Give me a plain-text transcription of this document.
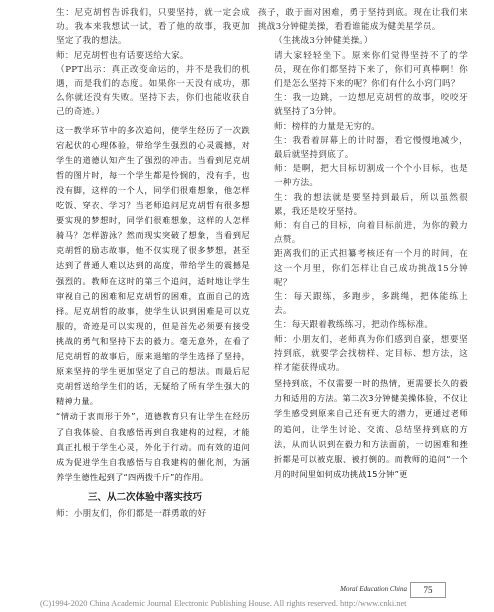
生：尼克胡哲告诉我们，只要坚持，就一定会成功。我本来我想试一试，看了他的故事，我更加坚定了我的想法。

师：尼克胡哲也有话要送给大家。

（PPT出示：真正改变命运的，并不是我们的机遇，而是我们的态度。如果你一天没有成功，那么你就还没有失败。坚持下去，你们也能收获自己的奇迹。）

这一教学环节中的多次追问，使学生经历了一次跌宕起伏的心理体验，带给学生强烈的心灵震撼，对学生的道德认知产生了强烈的冲击。当看到尼克胡哲的图片时，每一个学生都是怜悯的，没有手，也没有脚，这样的一个人，同学们很难想象，他怎样吃饭、穿衣、学习？当老师追问尼克胡哲有很多想要实现的梦想时，同学们很难想象，这样的人怎样骑马？怎样游泳？然而现实突破了想象，当看到尼克胡哲的励志故事，他不仅实现了很多梦想，甚至达到了普通人难以达到的高度，带给学生的震撼是强烈的。教师在这时的第三个追问，适时地让学生审视自己的困难和尼克胡哲的困难，直面自己的选择。尼克胡哲的故事，使学生认识到困难是可以克服的，奇迹是可以实现的，但是首先必须要有接受挑战的勇气和坚持下去的毅力。毫无意外，在看了尼克胡哲的故事后，原来退缩的学生选择了坚持，原来坚持的学生更加坚定了自己的想法。而最后尼克胡哲送给学生们的话，无疑给了所有学生强大的精神力量。

“情动于衷而形于外”，道德教育只有让学生在经历了自我体验、自我感悟再到自我建构的过程，才能真正扎根于学生心灵，外化于行动。而有效的追问成为促进学生自我感悟与自我建构的催化剂，为涵养学生德性起到了“四两拨千斤”的作用。

三、从二次体验中落实技巧

师：小朋友们，你们都是一群勇敢的好

孩子，敢于面对困难，勇于坚持到底。现在让我们来挑战3分钟健美操，看看谁能成为健美星学员。

（生挑战3分钟健美操。）

请大家轻轻坐下。原来你们觉得坚持不了的学员，现在你们都坚持下来了，你们可真棒啊！你们是怎么坚持下来的呢？你们有什么小窍门吗？

生：我一边跳，一边想尼克胡哲的故事，咬咬牙就坚持了3分钟。

师：榜样的力量是无穷的。

生：我看着屏幕上的计时器，看它慢慢地减少，最后就坚持到底了。

师：是啊，把大目标切割成一个个小目标，也是一种方法。

生：我的想法就是要坚持到最后，所以虽然很累，我还是咬牙坚持。

师：有自己的目标，向着目标前进，为你的毅力点赞。

距离我们的正式担纂考核还有一个月的时间，在这一个月里，你们怎样让自己成功挑战15分钟呢？

生：每天跟练，多跑步，多跳绳，把体能练上去。

生：每天跟着教练练习，把动作练标准。

师：小朋友们，老师真为你们感到自豪，想要坚持到底，就要学会找榜样、定目标、想方法，这样才能获得成功。

坚持到底，不仅需要一时的热情，更需要长久的毅力和适用的方法。第二次3分钟健美操体验，不仅让学生感受到原来自己还有更大的潜力，更通过老师的追问，让学生讨论、交流、总结坚持到底的方法，从而认识到在毅力和方法面前，一切困难和挫折都是可以被克服、被打倒的。而教师的追问“一个月的时间里如何成功挑战15分钟”更

Moral Education China 75
(C)1994-2020 China Academic Journal Electronic Publishing House. All rights reserved. http://www.cnki.net
